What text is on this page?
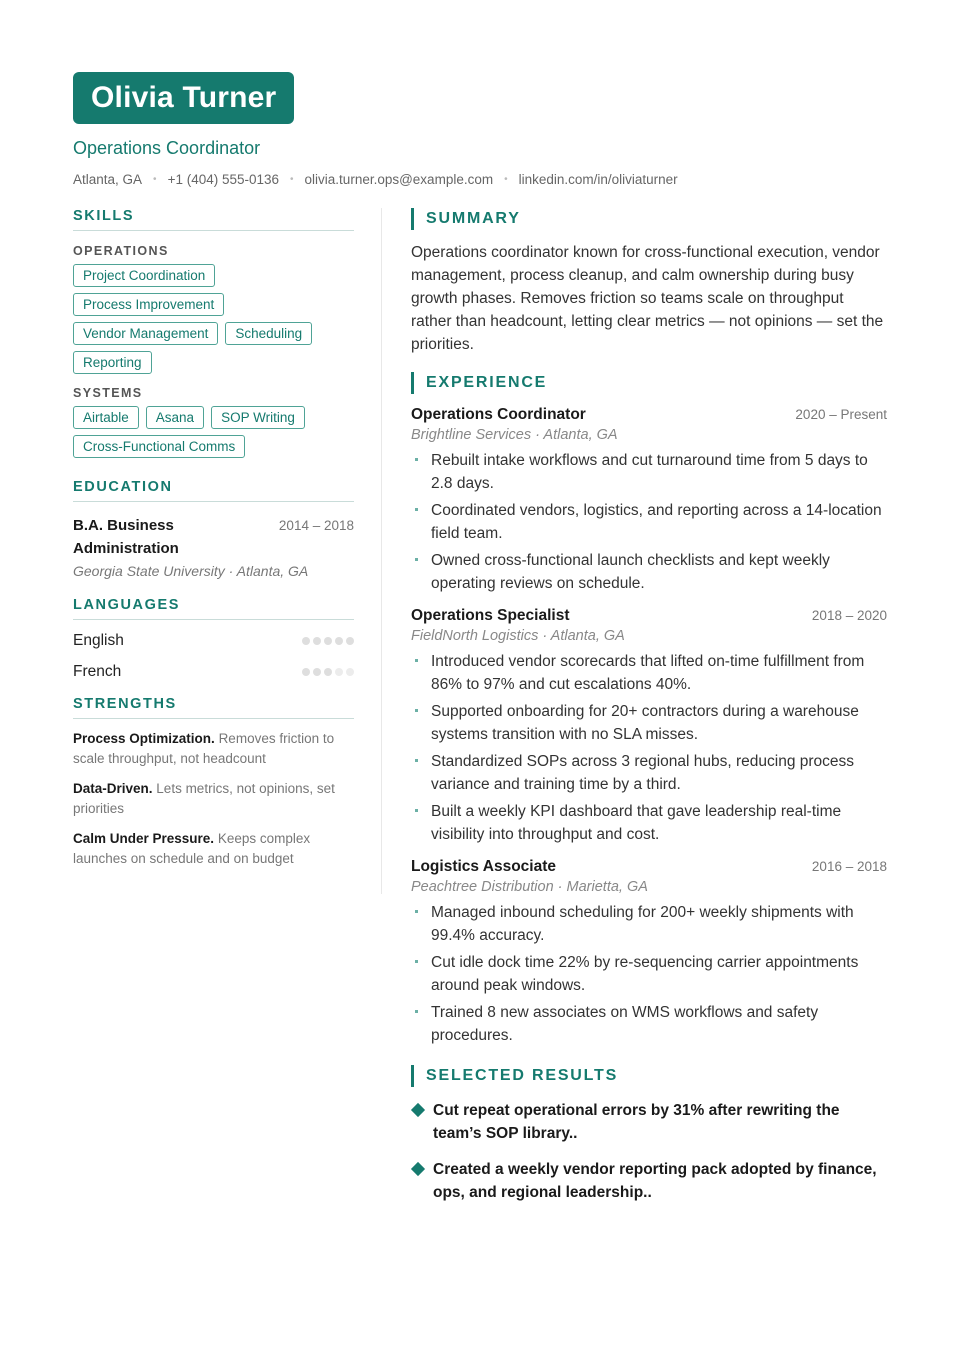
Olivia Turner
Operations Coordinator
Atlanta, GA • +1 (404) 555-0136 • olivia.turner.ops@example.com • linkedin.com/in/oliviaturner
SKILLS
OPERATIONS
Project Coordination
Process Improvement
Vendor Management	Scheduling
Reporting
SYSTEMS
Airtable	Asana	SOP Writing
Cross-Functional Comms
EDUCATION
B.A. Business Administration
2014 – 2018
Georgia State University · Atlanta, GA
LANGUAGES
English
French
STRENGTHS
Process Optimization. Removes friction to scale throughput, not headcount
Data-Driven. Lets metrics, not opinions, set priorities
Calm Under Pressure. Keeps complex launches on schedule and on budget
SUMMARY

Operations coordinator known for cross-functional execution, vendor management, process cleanup, and calm ownership during busy growth phases. Removes friction so teams scale on throughput rather than headcount, letting clear metrics — not opinions — set the priorities.

EXPERIENCE
Operations Coordinator	2020 – Present
Brightline Services · Atlanta, GA
Rebuilt intake workflows and cut turnaround time from 5 days to 2.8 days.
Coordinated vendors, logistics, and reporting across a 14-location field team.
Owned cross-functional launch checklists and kept weekly operating reviews on schedule.
Operations Specialist	2018 – 2020
FieldNorth Logistics · Atlanta, GA
Introduced vendor scorecards that lifted on-time fulfillment from 86% to 97% and cut escalations 40%.
Supported onboarding for 20+ contractors during a warehouse systems transition with no SLA misses.
Standardized SOPs across 3 regional hubs, reducing process variance and training time by a third.
Built a weekly KPI dashboard that gave leadership real-time visibility into throughput and cost.
Logistics Associate	2016 – 2018
Peachtree Distribution · Marietta, GA
Managed inbound scheduling for 200+ weekly shipments with 99.4% accuracy.
Cut idle dock time 22% by re-sequencing carrier appointments around peak windows.
Trained 8 new associates on WMS workflows and safety procedures.
SELECTED RESULTS
Cut repeat operational errors by 31% after rewriting the team’s SOP library..
Created a weekly vendor reporting pack adopted by finance, ops, and regional leadership..
